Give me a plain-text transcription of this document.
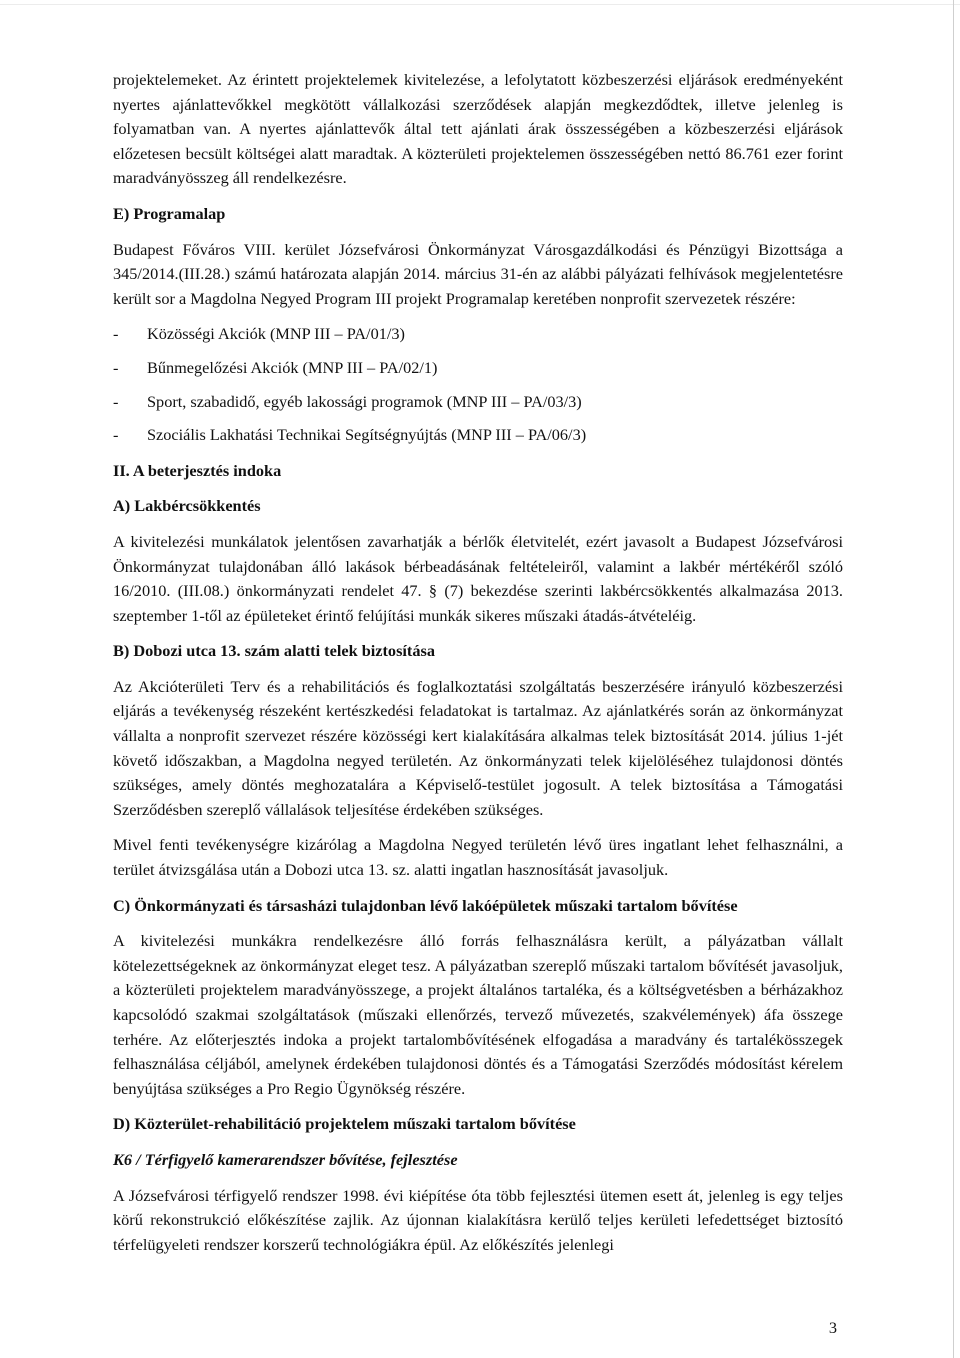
projektelemeket. Az érintett projektelemek kivitelezése, a lefolytatott közbeszerzési eljárások eredményeként nyertes ajánlattevőkkel megkötött vállalkozási szerződések alapján megkezdődtek, illetve jelenleg is folyamatban van. A nyertes ajánlattevők által tett ajánlati árak összességében a közbeszerzési eljárások előzetesen becsült költségei alatt maradtak. A közterületi projektelemen összességében nettó 86.761 ezer forint maradványösszeg áll rendelkezésre.

E) Programalap

Budapest Főváros VIII. kerület Józsefvárosi Önkormányzat Városgazdálkodási és Pénzügyi Bizottsága a 345/2014.(III.28.) számú határozata alapján 2014. március 31-én az alábbi pályázati felhívások megjelentetésre került sor a Magdolna Negyed Program III projekt Programalap keretében nonprofit szervezetek részére:

- Közösségi Akciók (MNP III – PA/01/3)
- Bűnmegelőzési Akciók (MNP III – PA/02/1)
- Sport, szabadidő, egyéb lakossági programok (MNP III – PA/03/3)
- Szociális Lakhatási Technikai Segítségnyújtás (MNP III – PA/06/3)
II. A beterjesztés indoka
A) Lakbércsökkentés

A kivitelezési munkálatok jelentősen zavarhatják a bérlők életvitelét, ezért javasolt a Budapest Józsefvárosi Önkormányzat tulajdonában álló lakások bérbeadásának feltételeiről, valamint a lakbér mértékéről szóló 16/2010. (III.08.) önkormányzati rendelet 47. § (7) bekezdése szerinti lakbércsökkentés alkalmazása 2013. szeptember 1-től az épületeket érintő felújítási munkák sikeres műszaki átadás-átvételéig.

B) Dobozi utca 13. szám alatti telek biztosítása

Az Akcióterületi Terv és a rehabilitációs és foglalkoztatási szolgáltatás beszerzésére irányuló közbeszerzési eljárás a tevékenység részeként kertészkedési feladatokat is tartalmaz. Az ajánlatkérés során az önkormányzat vállalta a nonprofit szervezet részére közösségi kert kialakítására alkalmas telek biztosítását 2014. július 1-jét követő időszakban, a Magdolna negyed területén. Az önkormányzati telek kijelöléséhez tulajdonosi döntés szükséges, amely döntés meghozatalára a Képviselő-testület jogosult. A telek biztosítása a Támogatási Szerződésben szereplő vállalások teljesítése érdekében szükséges.

Mivel fenti tevékenységre kizárólag a Magdolna Negyed területén lévő üres ingatlant lehet felhasználni, a terület átvizsgálása után a Dobozi utca 13. sz. alatti ingatlan hasznosítását javasoljuk.

C) Önkormányzati és társasházi tulajdonban lévő lakóépületek műszaki tartalom bővítése

A kivitelezési munkákra rendelkezésre álló forrás felhasználásra került, a pályázatban vállalt kötelezettségeknek az önkormányzat eleget tesz. A pályázatban szereplő műszaki tartalom bővítését javasoljuk, a közterületi projektelem maradványösszege, a projekt általános tartaléka, és a költségvetésben a bérházakhoz kapcsolódó szakmai szolgáltatások (műszaki ellenőrzés, tervező művezetés, szakvélemények) áfa összege terhére. Az előterjesztés indoka a projekt tartalombővítésének elfogadása a maradvány és tartalékösszegek felhasználása céljából, amelynek érdekében tulajdonosi döntés és a Támogatási Szerződés módosítást kérelem benyújtása szükséges a Pro Regio Ügynökség részére.

D) Közterület-rehabilitáció projektelem műszaki tartalom bővítése
K6 / Térfigyelő kamerarendszer bővítése, fejlesztése

A Józsefvárosi térfigyelő rendszer 1998. évi kiépítése óta több fejlesztési ütemen esett át, jelenleg is egy teljes körű rekonstrukció előkészítése zajlik. Az újonnan kialakításra kerülő teljes kerületi lefedettséget biztosító térfelügyeleti rendszer korszerű technológiákra épül. Az előkészítés jelenlegi

3
